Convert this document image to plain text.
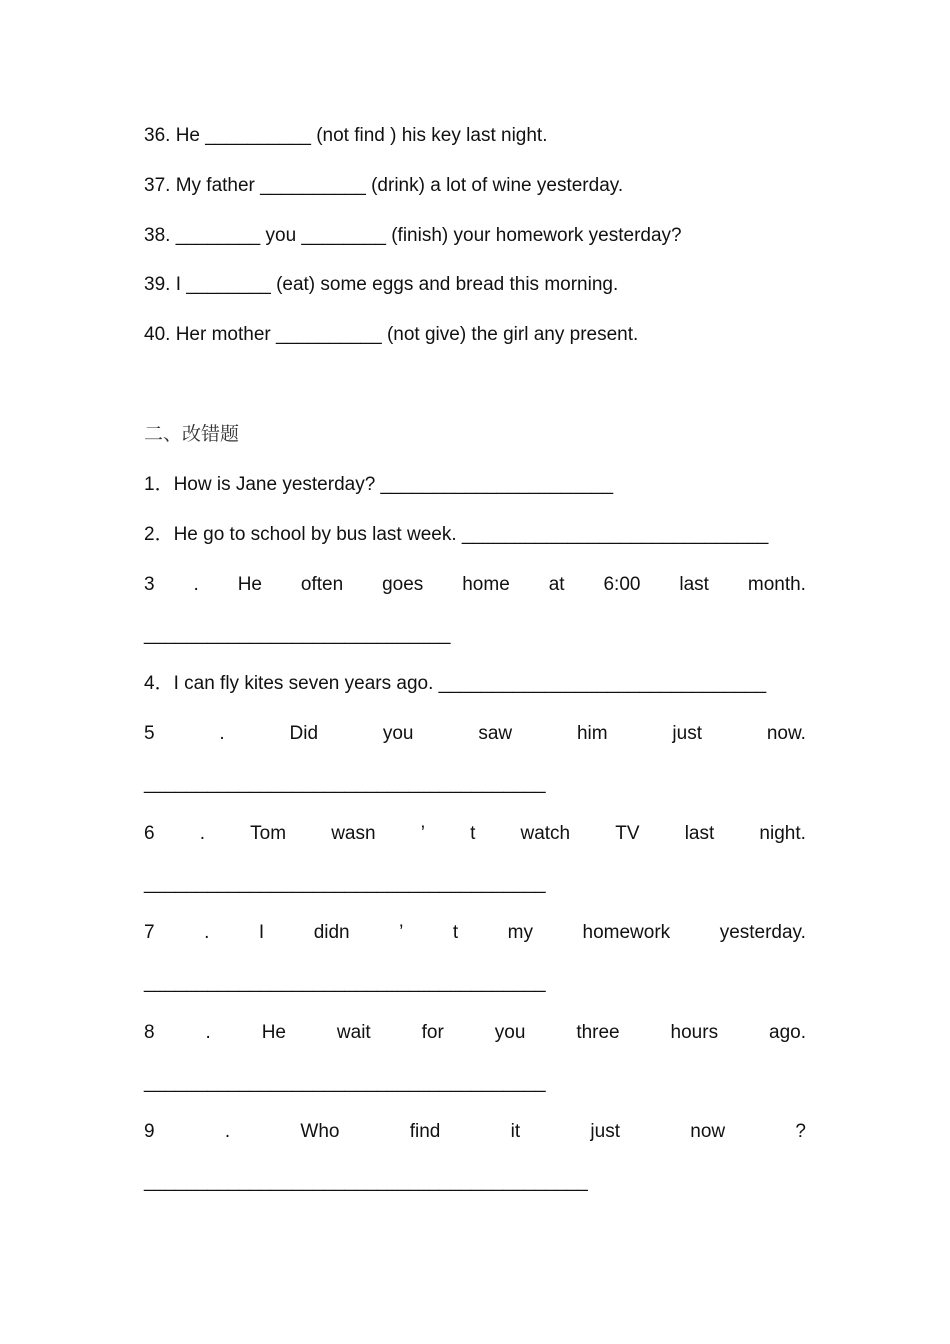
36. He __________ (not find ) his key last night.
37. My father __________ (drink) a lot of wine yesterday.
38. ________ you ________ (finish) your homework yesterday?
39. I ________ (eat) some eggs and bread this morning.
40. Her mother __________ (not give) the girl any present.
二、改错题
1．How is Jane yesterday? ______________________
2．He go to school by bus last week. _____________________________
3 . He often goes home at 6:00 last month.
_____________________________
4．I can fly kites seven years ago. _______________________________
5	.	Did	you	saw	him	just	now.
______________________________________
6 . Tom wasn ’ t watch TV last night.
______________________________________
7	.	I	didn	’	t	my	homework	yesterday.
______________________________________
8	.	He	wait	for	you	three	hours	ago.
______________________________________
9	.	Who	find	it	just	now	?
__________________________________________
